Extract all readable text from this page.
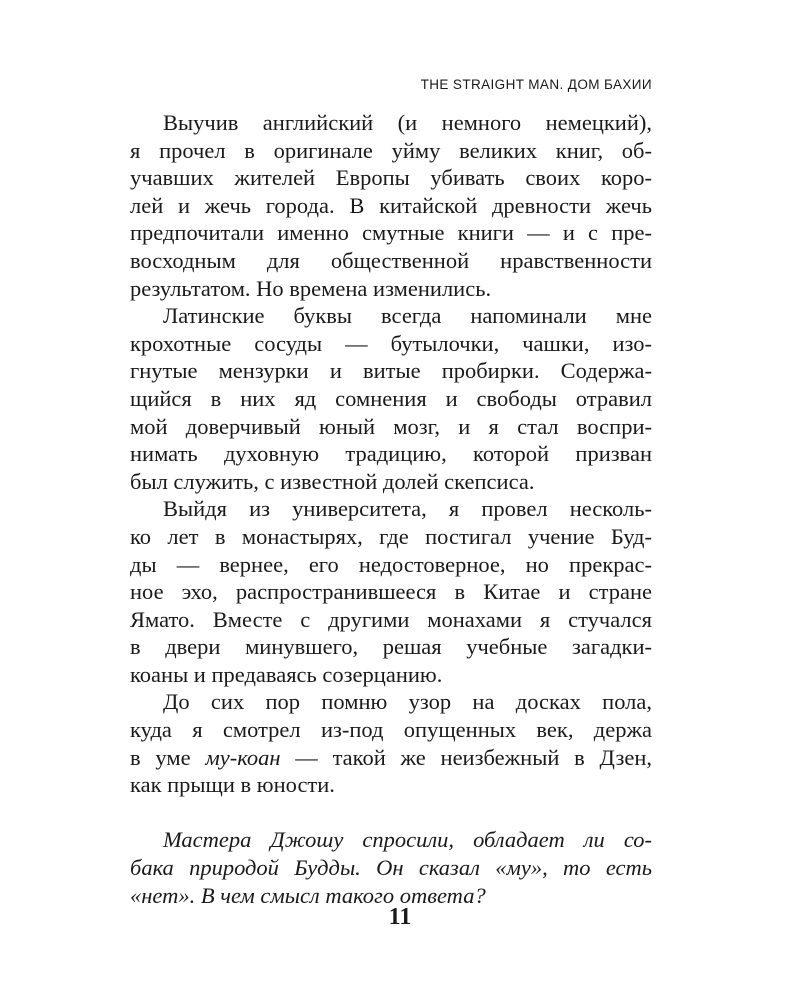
THE STRAIGHT MAN. ДОМ БАХИИ
Выучив английский (и немного немецкий),
я прочел в оригинале уйму великих книг, об-
учавших жителей Европы убивать своих коро-
лей и жечь города. В китайской древности жечь
предпочитали именно смутные книги — и с пре-
восходным для общественной нравственности
результатом. Но времена изменились.
Латинские буквы всегда напоминали мне
крохотные сосуды — бутылочки, чашки, изо-
гнутые мензурки и витые пробирки. Содержа-
щийся в них яд сомнения и свободы отравил
мой доверчивый юный мозг, и я стал воспри-
нимать духовную традицию, которой призван
был служить, с известной долей скепсиса.
Выйдя из университета, я провел несколь-
ко лет в монастырях, где постигал учение Буд-
ды — вернее, его недостоверное, но прекрас-
ное эхо, распространившееся в Китае и стране
Ямато. Вместе с другими монахами я стучался
в двери минувшего, решая учебные загадки-
коаны и предаваясь созерцанию.
До сих пор помню узор на досках пола,
куда я смотрел из-под опущенных век, держа
в уме му-коан — такой же неизбежный в Дзен,
как прыщи в юности.
Мастера Джошу спросили, обладает ли со-
бака природой Будды. Он сказал «му», то есть
«нет». В чем смысл такого ответа?
11
